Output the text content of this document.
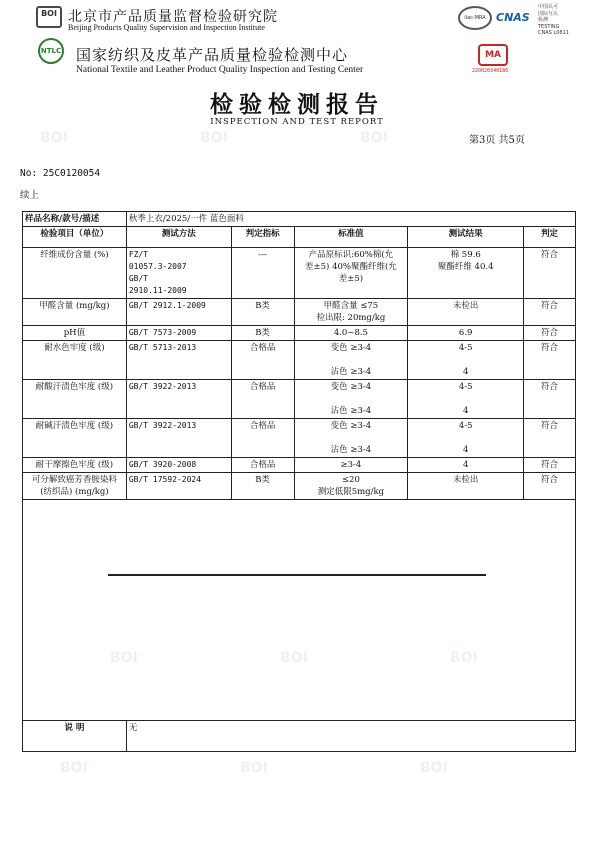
BOI	BOI	BOI
BOI	BOI	BOI
BOI	BOI	BOI
BOI 北京市产品质量监督检验研究院
Beijing Products Quality Supervision and Inspection Institute
NTLC 国家纺织及皮革产品质量检验检测中心
National Textile and Leather Product Quality Inspection and Testing Center
ilac-MRA CNAS
中国认可
国际互认
检测
TESTING
CNAS L0811
MA
220020340186
检验检测报告
INSPECTION AND TEST REPORT
第3页 共5页
No: 25C0120054
续上
样品名称/款号/描述	秋季上衣/2025/一件 蓝色面料				
检验项目（单位）	测试方法	判定指标	标准值	测试结果	判定
纤维成份含量 (%)	FZ/T
01057.3-2007
GB/T
2910.11-2009	---	产品原标识:60%棉(允
差±5) 40%聚酯纤维(允
差±5)	棉 59.6
聚酯纤维 40.4	符合
甲醛含量 (mg/kg)	GB/T 2912.1-2009	B类	甲醛含量 ≤75
检出限: 20mg/kg	未检出	符合
pH值	GB/T 7573-2009	B类	4.0~8.5	6.9	符合
耐水色牢度 (级)	GB/T 5713-2013	合格品	变色 ≥3-4
沾色 ≥3-4	4-5
4	符合
耐酸汗渍色牢度 (级)	GB/T 3922-2013	合格品	变色 ≥3-4
沾色 ≥3-4	4-5
4	符合
耐碱汗渍色牢度 (级)	GB/T 3922-2013	合格品	变色 ≥3-4
沾色 ≥3-4	4-5
4	符合
耐干摩擦色牢度 (级)	GB/T 3920-2008	合格品	≥3-4	4	符合
可分解致癌芳香胺染料 (纺织品) (mg/kg)	GB/T 17592-2024	B类	≤20
测定低限5mg/kg	未检出	符合

说 明	无				
